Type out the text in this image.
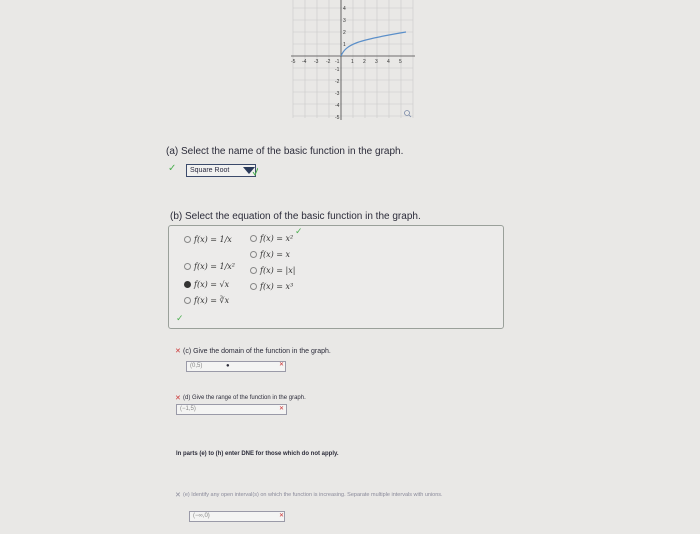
-5 -4 -3 -2 -1 1 2 3 4 5
4
3
2
1
-1
-2
-3
-4
-5
(a) Select the name of the basic function in the graph.
✓	Square Root
(b) Select the equation of the basic function in the graph.
f(x) = 1/x
f(x) = 1/x²
f(x) = √x
f(x) = ∛x
f(x) = x²
f(x) = x
f(x) = |x|
f(x) = x³
✓
✓
✕ (c) Give the domain of the function in the graph.
(0,5)	●	✕
✕ (d) Give the range of the function in the graph.
(−1,5)	✕
In parts (e) to (h) enter DNE for those which do not apply.
✕ (e) Identify any open interval(s) on which the function is increasing. Separate multiple intervals with unions.
(−∞,0)	✕
